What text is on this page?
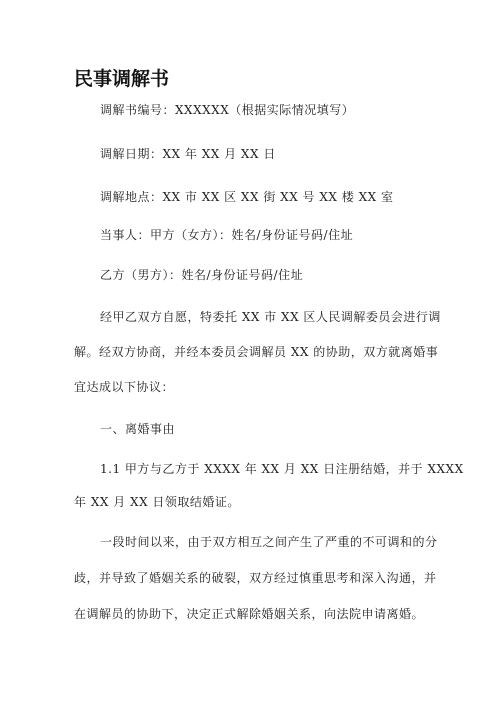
民事调解书

调解书编号：XXXXXX（根据实际情况填写）

调解日期：XX 年 XX 月 XX 日

调解地点：XX 市 XX 区 XX 街 XX 号 XX 楼 XX 室

当事人：甲方（女方）：姓名/身份证号码/住址

乙方（男方）：姓名/身份证号码/住址

经甲乙双方自愿，特委托 XX 市 XX 区人民调解委员会进行调

解。经双方协商，并经本委员会调解员 XX 的协助，双方就离婚事

宜达成以下协议：

一、离婚事由

1.1 甲方与乙方于 XXXX 年 XX 月 XX 日注册结婚，并于 XXXX

年 XX 月 XX 日领取结婚证。

一段时间以来，由于双方相互之间产生了严重的不可调和的分

歧，并导致了婚姻关系的破裂，双方经过慎重思考和深入沟通，并

在调解员的协助下，决定正式解除婚姻关系，向法院申请离婚。
